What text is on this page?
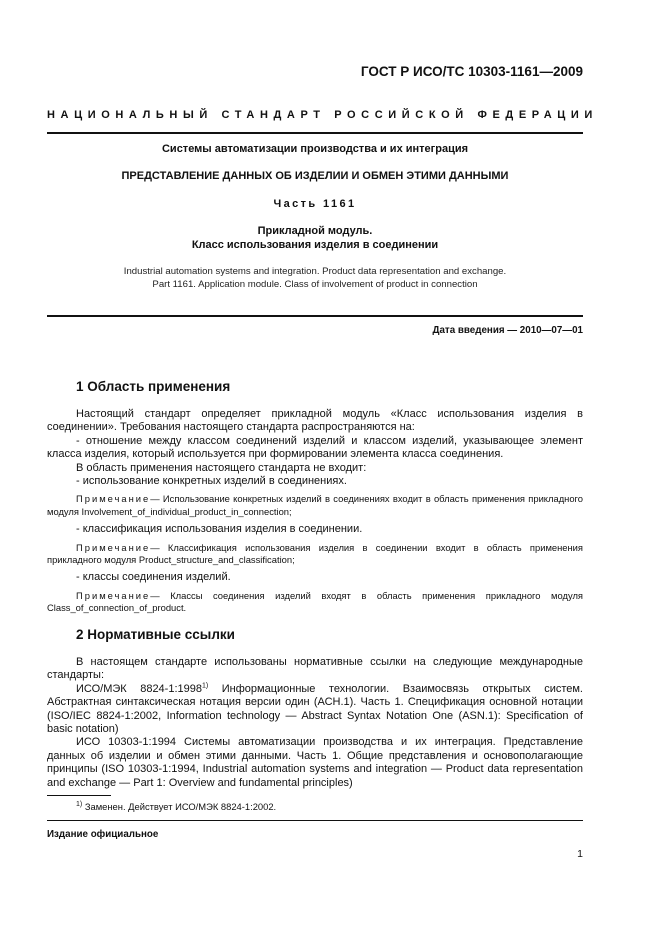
ГОСТ Р ИСО/ТС 10303-1161—2009
НАЦИОНАЛЬНЫЙ СТАНДАРТ РОССИЙСКОЙ ФЕДЕРАЦИИ
Системы автоматизации производства и их интеграция
ПРЕДСТАВЛЕНИЕ ДАННЫХ ОБ ИЗДЕЛИИ И ОБМЕН ЭТИМИ ДАННЫМИ
Часть 1161
Прикладной модуль.
Класс использования изделия в соединении
Industrial automation systems and integration. Product data representation and exchange.
Part 1161. Application module. Class of involvement of product in connection
Дата введения — 2010—07—01
1 Область применения

Настоящий стандарт определяет прикладной модуль «Класс использования изделия в соединении». Требования настоящего стандарта распространяются на:

- отношение между классом соединений изделий и классом изделий, указывающее элемент класса изделия, который используется при формировании элемента класса соединения.

В область применения настоящего стандарта не входит:

- использование конкретных изделий в соединениях.

Примечание— Использование конкретных изделий в соединениях входит в область применения прикладного модуля Involvement_of_individual_product_in_connection;

- классификация использования изделия в соединении.

Примечание— Классификация использования изделия в соединении входит в область применения прикладного модуля Product_structure_and_classification;

- классы соединения изделий.

Примечание— Классы соединения изделий входят в область применения прикладного модуля Class_of_connection_of_product.

2 Нормативные ссылки

В настоящем стандарте использованы нормативные ссылки на следующие международные стандарты:

ИСО/МЭК 8824-1:1998$^{1)}$ Информационные технологии. Взаимосвязь открытых систем. Абстрактная синтаксическая нотация версии один (АСН.1). Часть 1. Спецификация основной нотации (ISO/IEC 8824-1:2002, Information technology — Abstract Syntax Notation One (ASN.1): Specification of basic notation)

ИСО 10303-1:1994 Системы автоматизации производства и их интеграция. Представление данных об изделии и обмен этими данными. Часть 1. Общие представления и основополагающие принципы (ISO 10303-1:1994, Industrial automation systems and integration — Product data representation and exchange — Part 1: Overview and fundamental principles)

$^{1)}$ Заменен. Действует ИСО/МЭК 8824-1:2002.
Издание официальное
1
